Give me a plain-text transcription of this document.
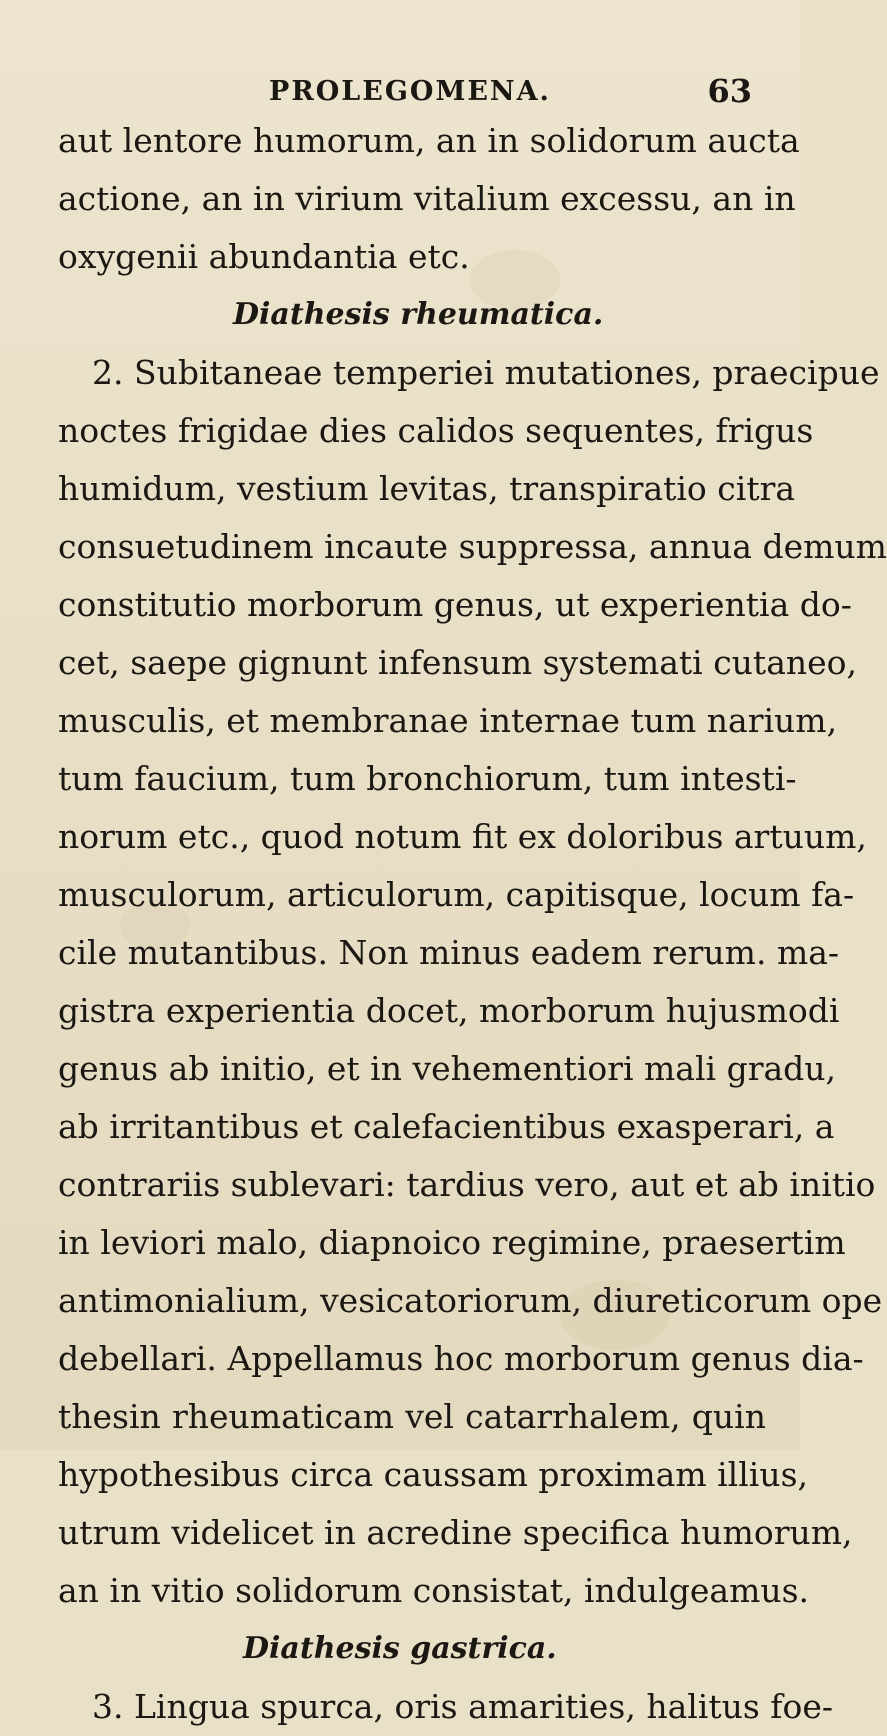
PROLEGOMENA.	63
aut lentore humorum, an in solidorum aucta
actione, an in virium vitalium excessu, an in
oxygenii abundantia etc.
Diathesis rheumatica.
2. Subitaneae temperiei mutationes, praecipue
noctes frigidae dies calidos sequentes, frigus
humidum, vestium levitas, transpiratio citra
consuetudinem incaute suppressa, annua demum
constitutio morborum genus, ut experientia do-
cet, saepe gignunt infensum systemati cutaneo,
musculis, et membranae internae tum narium,
tum faucium, tum bronchiorum, tum intesti-
norum etc., quod notum fit ex doloribus artuum,
musculorum, articulorum, capitisque, locum fa-
cile mutantibus. Non minus eadem rerum. ma-
gistra experientia docet, morborum hujusmodi
genus ab initio, et in vehementiori mali gradu,
ab irritantibus et calefacientibus exasperari, a
contrariis sublevari: tardius vero, aut et ab initio
in leviori malo, diapnoico regimine, praesertim
antimonialium, vesicatoriorum, diureticorum ope
debellari. Appellamus hoc morborum genus dia-
thesin rheumaticam vel catarrhalem, quin
hypothesibus circa caussam proximam illius,
utrum videlicet in acredine specifica humorum,
an in vitio solidorum consistat, indulgeamus.
Diathesis gastrica.
3. Lingua spurca, oris amarities, halitus foe-
